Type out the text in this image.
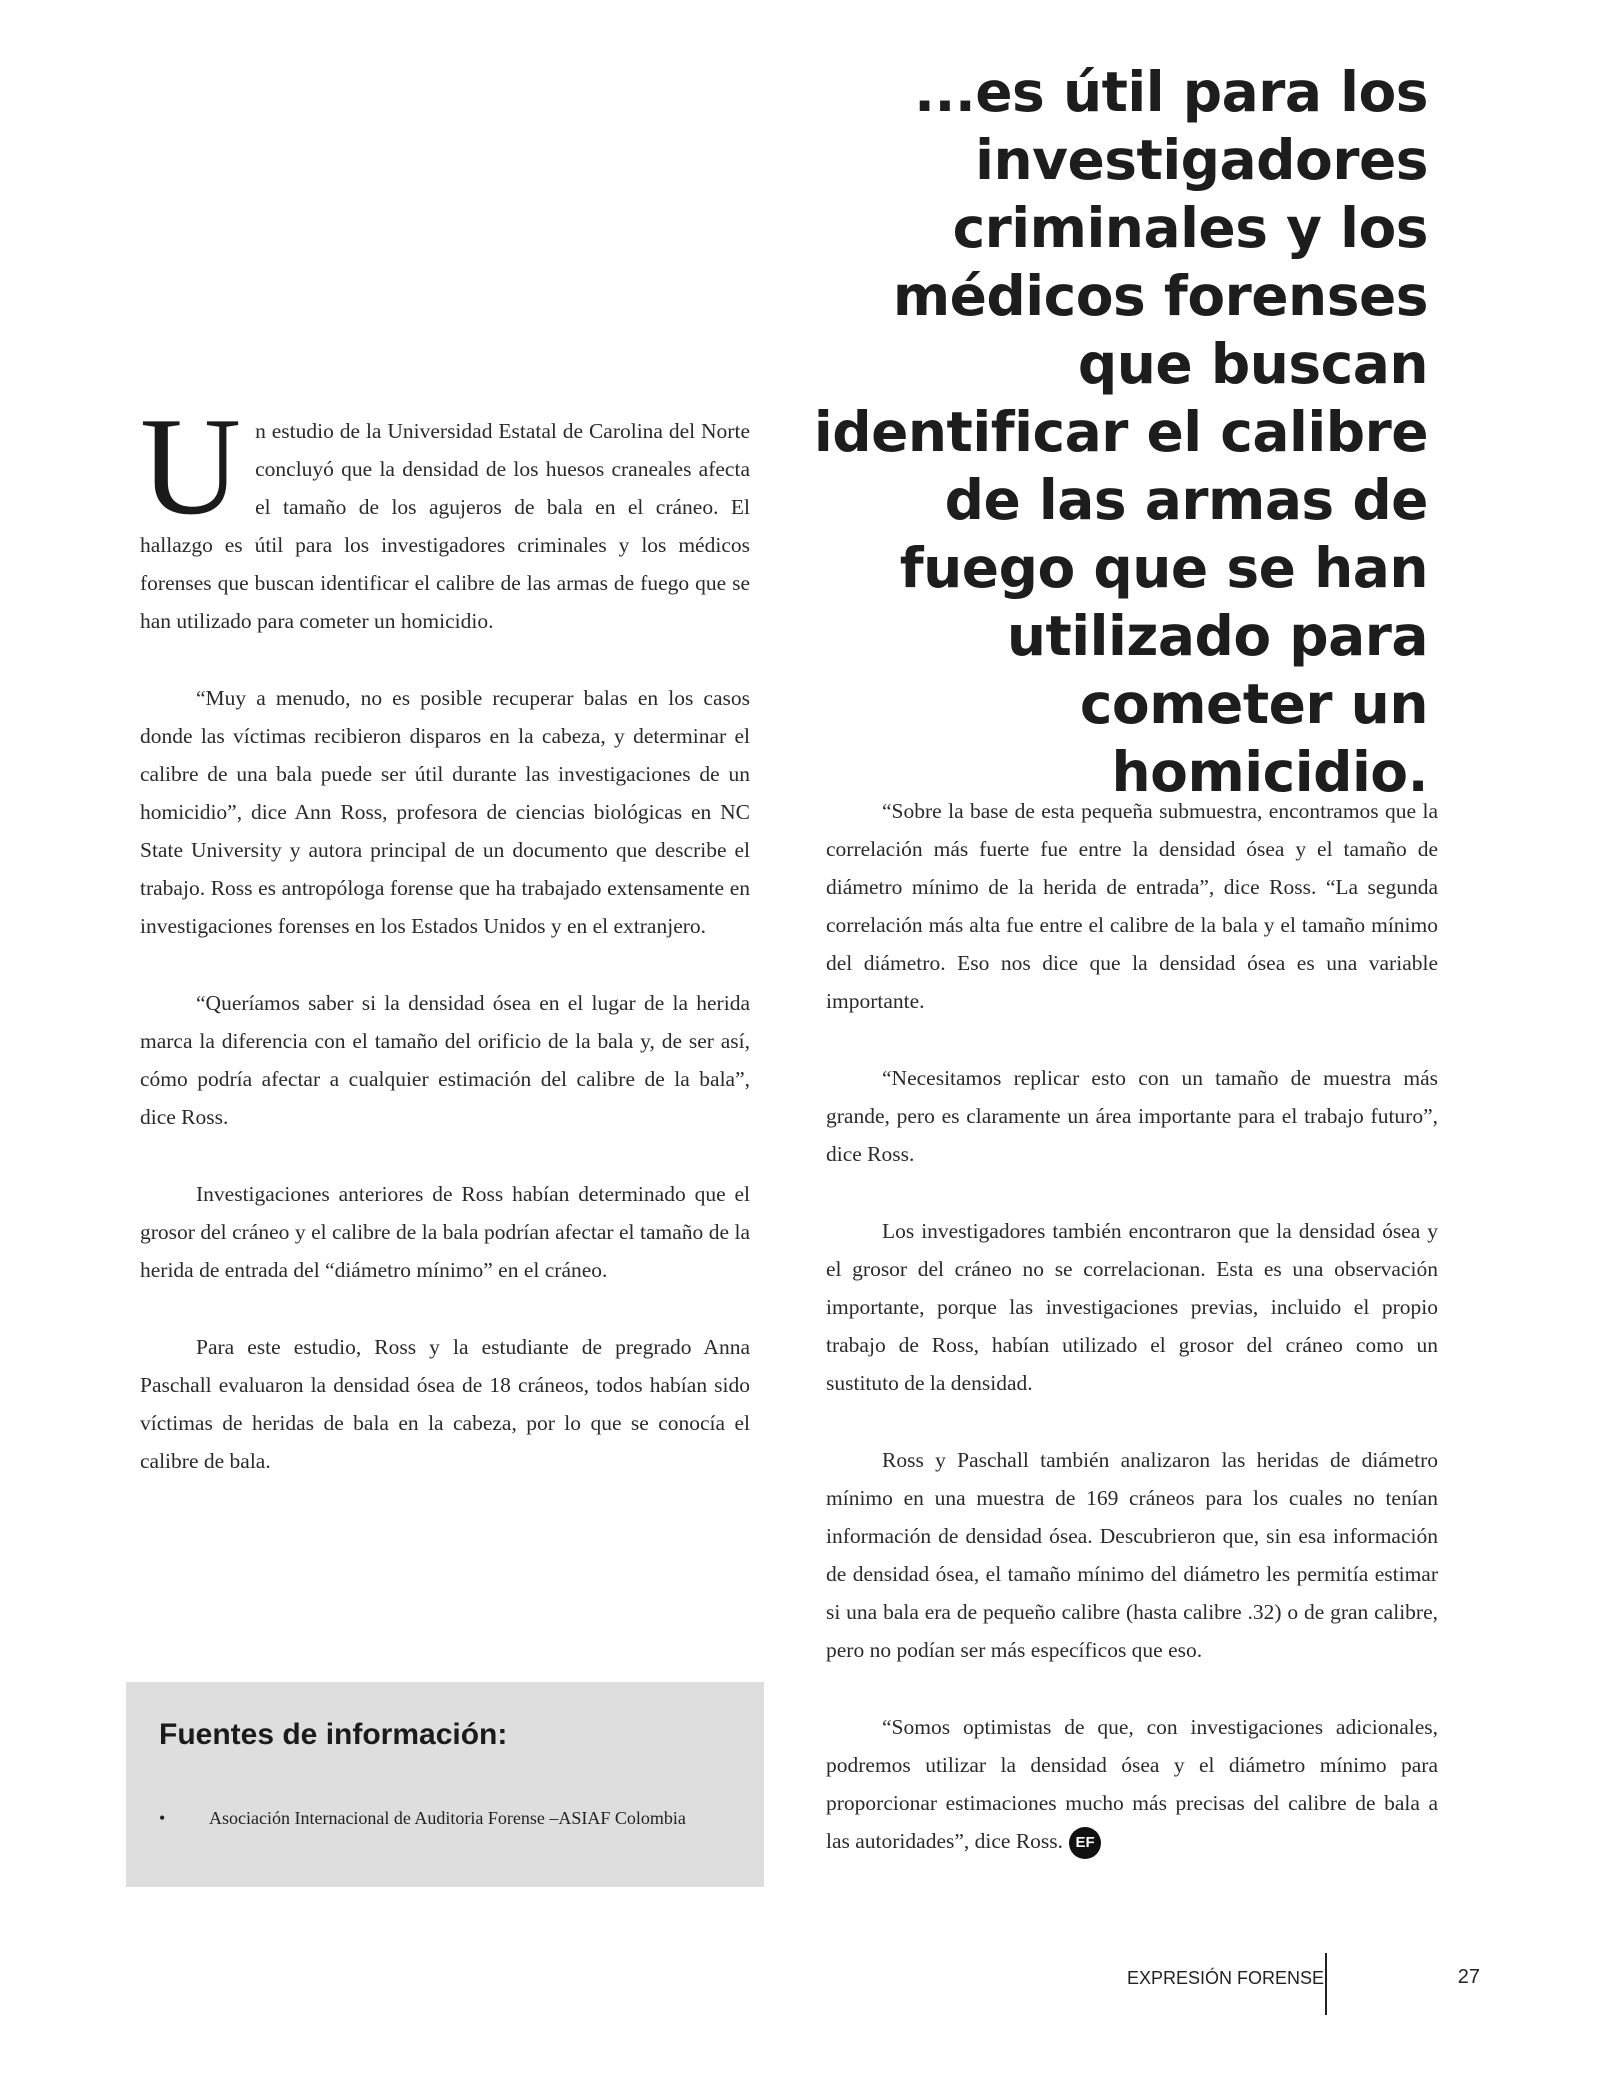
...es útil para los investigadores criminales y los médicos forenses que buscan identificar el calibre de las armas de fuego que se han utilizado para cometer un homicidio.

Un estudio de la Universidad Estatal de Carolina del Norte concluyó que la densidad de los huesos craneales afecta el tamaño de los agujeros de bala en el cráneo. El hallazgo es útil para los investigadores criminales y los médicos forenses que buscan identificar el calibre de las armas de fuego que se han utilizado para cometer un homicidio.

“Muy a menudo, no es posible recuperar balas en los casos donde las víctimas recibieron disparos en la cabeza, y determinar el calibre de una bala puede ser útil durante las investigaciones de un homicidio”, dice Ann Ross, profesora de ciencias biológicas en NC State University y autora principal de un documento que describe el trabajo. Ross es antropóloga forense que ha trabajado extensamente en investigaciones forenses en los Estados Unidos y en el extranjero.

“Queríamos saber si la densidad ósea en el lugar de la herida marca la diferencia con el tamaño del orificio de la bala y, de ser así, cómo podría afectar a cualquier estimación del calibre de la bala”, dice Ross.

Investigaciones anteriores de Ross habían determinado que el grosor del cráneo y el calibre de la bala podrían afectar el tamaño de la herida de entrada del “diámetro mínimo” en el cráneo.

Para este estudio, Ross y la estudiante de pregrado Anna Paschall evaluaron la densidad ósea de 18 cráneos, todos habían sido víctimas de heridas de bala en la cabeza, por lo que se conocía el calibre de bala.

“Sobre la base de esta pequeña submuestra, encontramos que la correlación más fuerte fue entre la densidad ósea y el tamaño de diámetro mínimo de la herida de entrada”, dice Ross. “La segunda correlación más alta fue entre el calibre de la bala y el tamaño mínimo del diámetro. Eso nos dice que la densidad ósea es una variable importante.

“Necesitamos replicar esto con un tamaño de muestra más grande, pero es claramente un área importante para el trabajo futuro”, dice Ross.

Los investigadores también encontraron que la densidad ósea y el grosor del cráneo no se correlacionan. Esta es una observación importante, porque las investigaciones previas, incluido el propio trabajo de Ross, habían utilizado el grosor del cráneo como un sustituto de la densidad.

Ross y Paschall también analizaron las heridas de diámetro mínimo en una muestra de 169 cráneos para los cuales no tenían información de densidad ósea. Descubrieron que, sin esa información de densidad ósea, el tamaño mínimo del diámetro les permitía estimar si una bala era de pequeño calibre (hasta calibre .32) o de gran calibre, pero no podían ser más específicos que eso.

“Somos optimistas de que, con investigaciones adicionales, podremos utilizar la densidad ósea y el diámetro mínimo para proporcionar estimaciones mucho más precisas del calibre de bala a las autoridades”, dice Ross. EF

Fuentes de información:
• Asociación Internacional de Auditoria Forense –ASIAF Colombia
EXPRESIÓN FORENSE	27
